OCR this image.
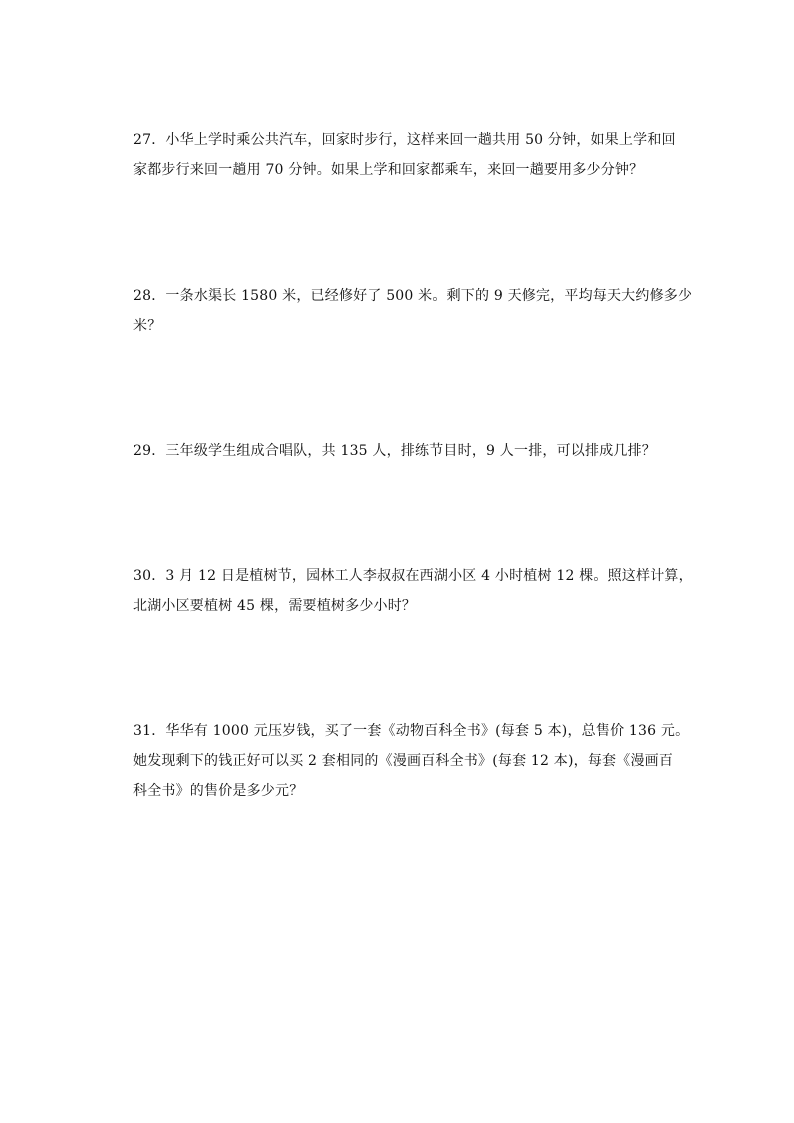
27．小华上学时乘公共汽车，回家时步行，这样来回一趟共用 50 分钟，如果上学和回
家都步行来回一趟用 70 分钟。如果上学和回家都乘车，来回一趟要用多少分钟？
28．一条水渠长 1580 米，已经修好了 500 米。剩下的 9 天修完，平均每天大约修多少
米？
29．三年级学生组成合唱队，共 135 人，排练节目时，9 人一排，可以排成几排？
30．3 月 12 日是植树节，园林工人李叔叔在西湖小区 4 小时植树 12 棵。照这样计算，
北湖小区要植树 45 棵，需要植树多少小时？
31．华华有 1000 元压岁钱，买了一套《动物百科全书》(每套 5 本)，总售价 136 元。
她发现剩下的钱正好可以买 2 套相同的《漫画百科全书》(每套 12 本)，每套《漫画百
科全书》的售价是多少元？
